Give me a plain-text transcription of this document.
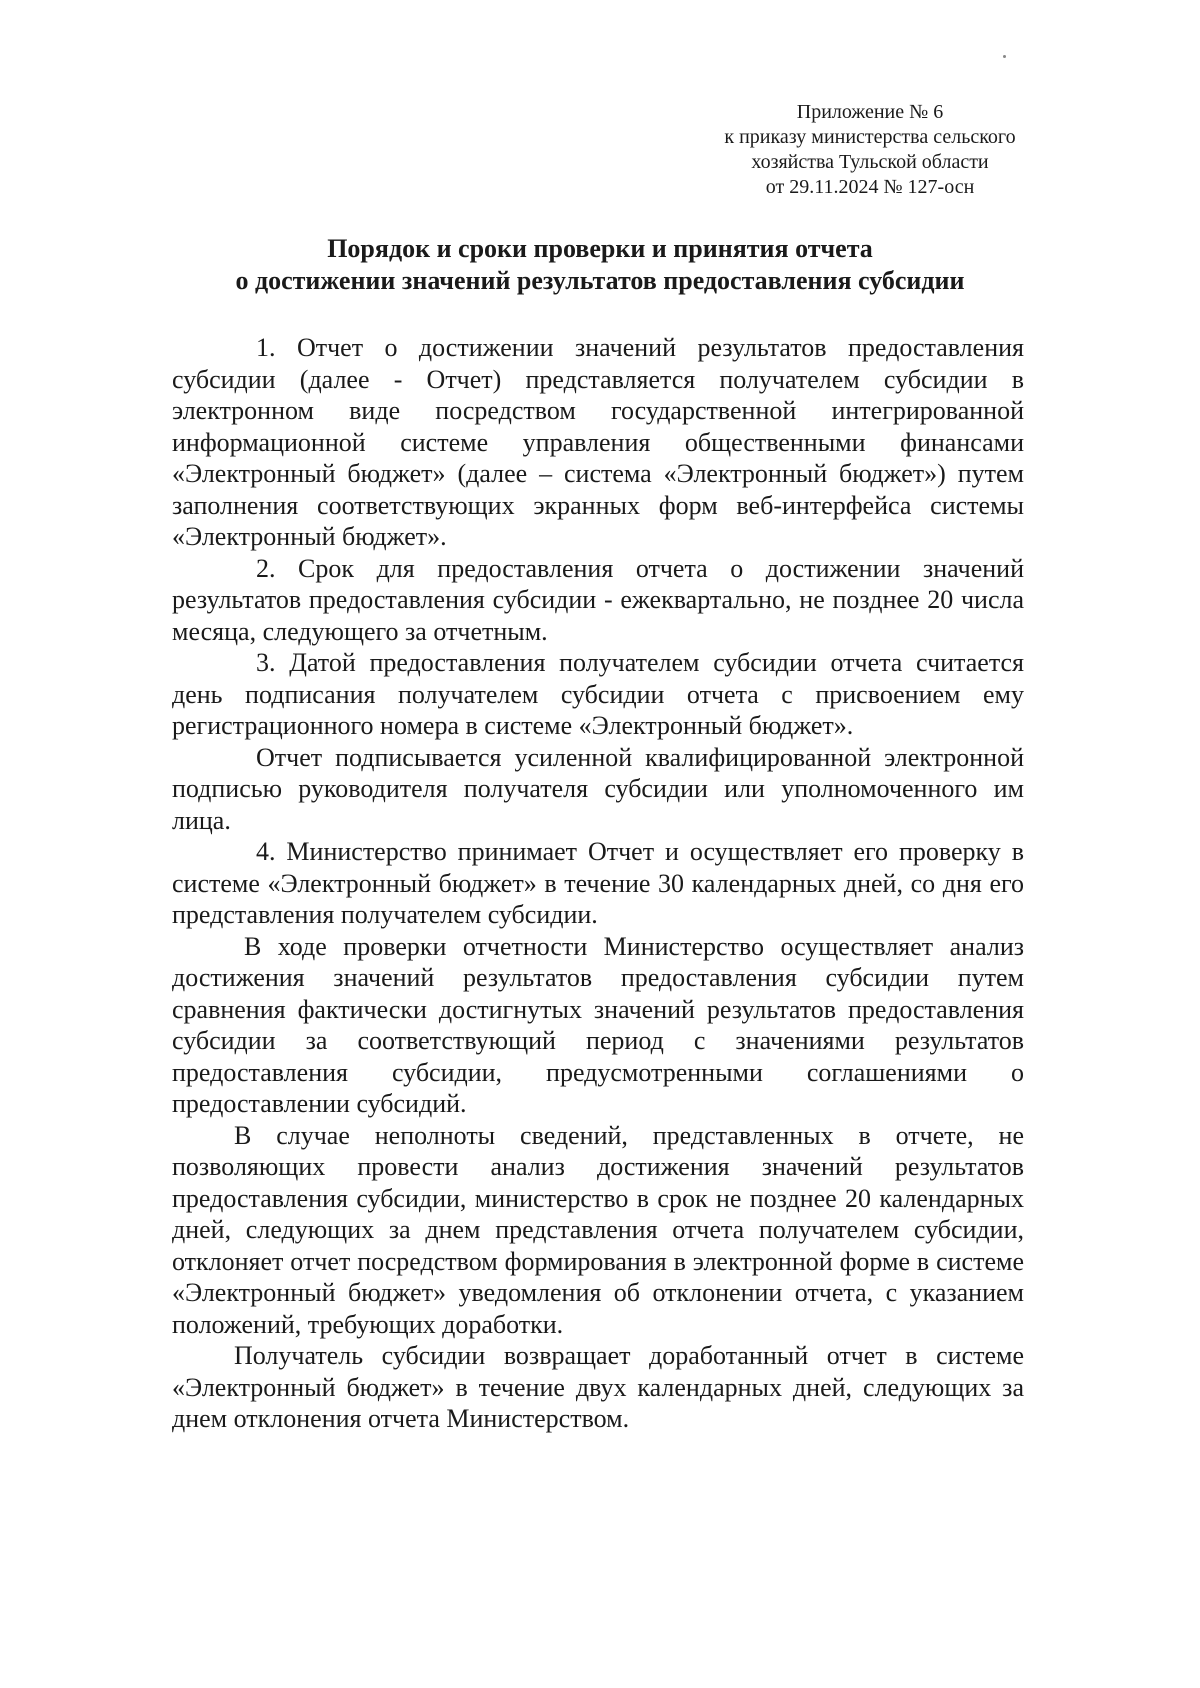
Приложение № 6
к приказу министерства сельского
хозяйства Тульской области
от 29.11.2024 № 127-осн
Порядок и сроки проверки и принятия отчета
о достижении значений результатов предоставления субсидии

1. Отчет о достижении значений результатов предоставления субсидии (далее - Отчет) представляется получателем субсидии в электронном виде посредством государственной интегрированной информационной системе управления общественными финансами «Электронный бюджет» (далее – система «Электронный бюджет») путем заполнения соответствующих экранных форм веб-интерфейса системы «Электронный бюджет».

2. Срок для предоставления отчета о достижении значений результатов предоставления субсидии - ежеквартально, не позднее 20 числа месяца, следующего за отчетным.

3. Датой предоставления получателем субсидии отчета считается день подписания получателем субсидии отчета с присвоением ему регистрационного номера в системе «Электронный бюджет».

Отчет подписывается усиленной квалифицированной электронной подписью руководителя получателя субсидии или уполномоченного им лица.

4. Министерство принимает Отчет и осуществляет его проверку в системе «Электронный бюджет» в течение 30 календарных дней, со дня его представления получателем субсидии.

В ходе проверки отчетности Министерство осуществляет анализ достижения значений результатов предоставления субсидии путем сравнения фактически достигнутых значений результатов предоставления субсидии за соответствующий период с значениями результатов предоставления субсидии, предусмотренными соглашениями о предоставлении субсидий.

В случае неполноты сведений, представленных в отчете, не позволяющих провести анализ достижения значений результатов предоставления субсидии, министерство в срок не позднее 20 календарных дней, следующих за днем представления отчета получателем субсидии, отклоняет отчет посредством формирования в электронной форме в системе «Электронный бюджет» уведомления об отклонении отчета, с указанием положений, требующих доработки.

Получатель субсидии возвращает доработанный отчет в системе «Электронный бюджет» в течение двух календарных дней, следующих за днем отклонения отчета Министерством.
